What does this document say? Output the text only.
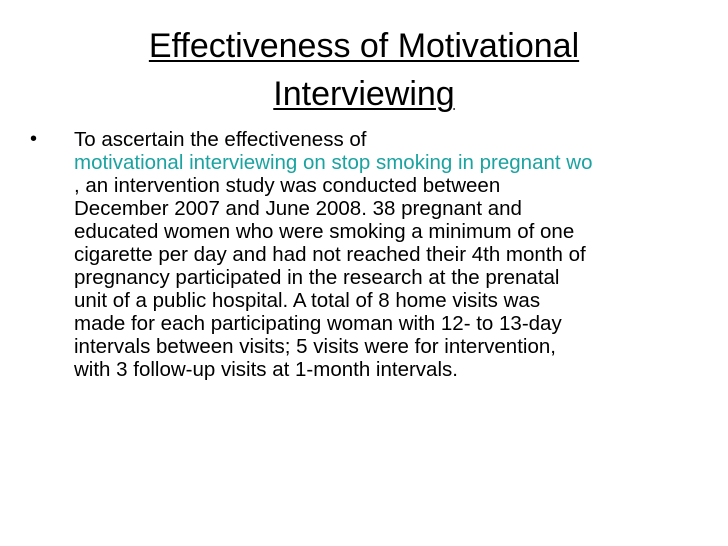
Effectiveness of Motivational
Interviewing
• To ascertain the effectiveness of
motivational interviewing on stop smoking in pregnant wo
, an intervention study was conducted between
December 2007 and June 2008. 38 pregnant and
educated women who were smoking a minimum of one
cigarette per day and had not reached their 4th month of
pregnancy participated in the research at the prenatal
unit of a public hospital. A total of 8 home visits was
made for each participating woman with 12- to 13-day
intervals between visits; 5 visits were for intervention,
with 3 follow-up visits at 1-month intervals.
